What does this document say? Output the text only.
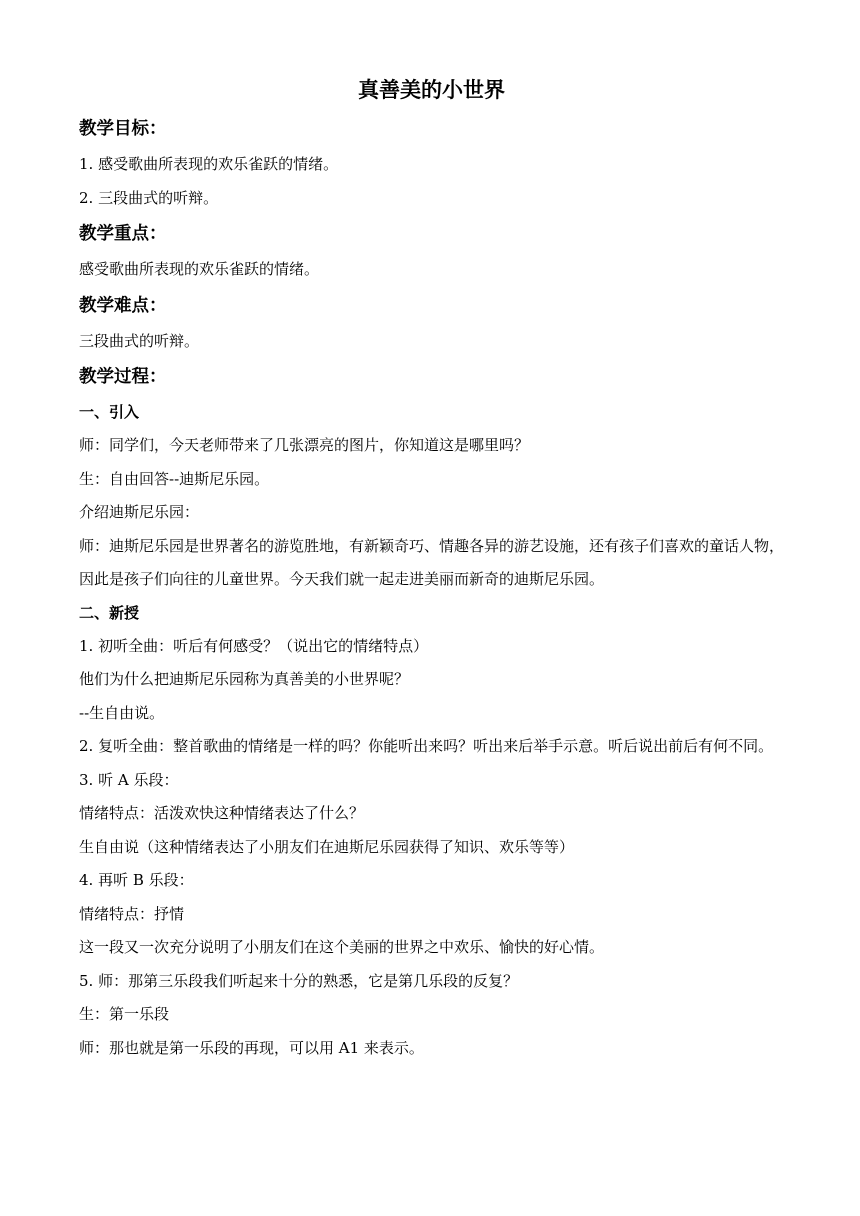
真善美的小世界
教学目标：
1. 感受歌曲所表现的欢乐雀跃的情绪。
2. 三段曲式的听辩。
教学重点：
感受歌曲所表现的欢乐雀跃的情绪。
教学难点：
三段曲式的听辩。
教学过程：
一、引入
师：同学们，今天老师带来了几张漂亮的图片，你知道这是哪里吗？
生：自由回答--迪斯尼乐园。
介绍迪斯尼乐园：
师：迪斯尼乐园是世界著名的游览胜地，有新颖奇巧、情趣各异的游艺设施，还有孩子们喜欢的童话人物，因此是孩子们向往的儿童世界。今天我们就一起走进美丽而新奇的迪斯尼乐园。
二、新授
1. 初听全曲：听后有何感受？（说出它的情绪特点）
他们为什么把迪斯尼乐园称为真善美的小世界呢？
--生自由说。
2. 复听全曲：整首歌曲的情绪是一样的吗？你能听出来吗？听出来后举手示意。听后说出前后有何不同。
3. 听 A 乐段：
情绪特点：活泼欢快这种情绪表达了什么？
生自由说（这种情绪表达了小朋友们在迪斯尼乐园获得了知识、欢乐等等）
4. 再听 B 乐段：
情绪特点：抒情
这一段又一次充分说明了小朋友们在这个美丽的世界之中欢乐、愉快的好心情。
5. 师：那第三乐段我们听起来十分的熟悉，它是第几乐段的反复？
生：第一乐段
师：那也就是第一乐段的再现，可以用 A1 来表示。
